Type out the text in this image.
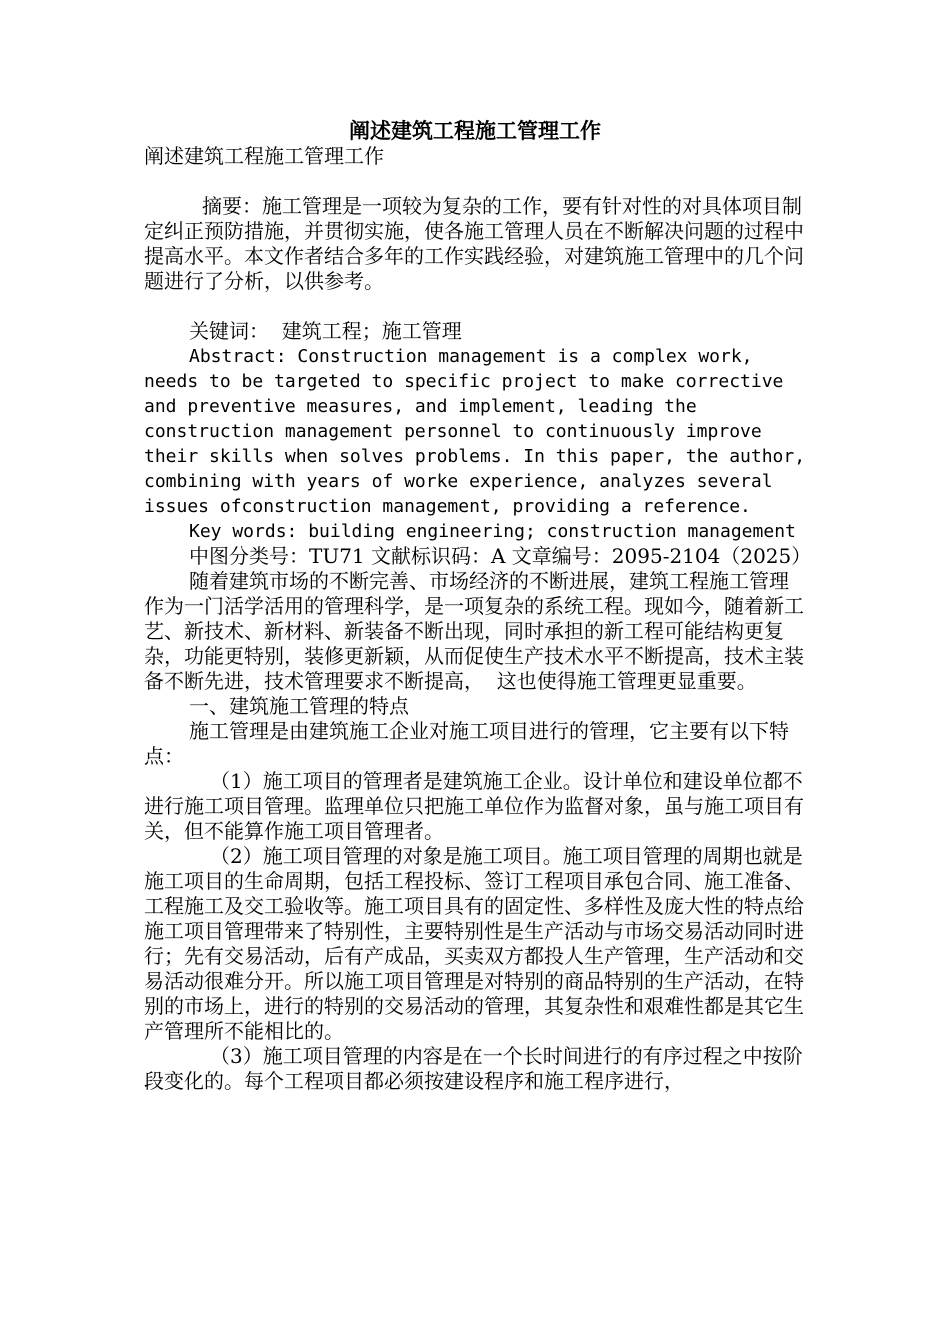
阐述建筑工程施工管理工作

阐述建筑工程施工管理工作

摘要：施工管理是一项较为复杂的工作，要有针对性的对具体项目制定纠正预防措施，并贯彻实施，使各施工管理人员在不断解决问题的过程中提高水平。本文作者结合多年的工作实践经验，对建筑施工管理中的几个问题进行了分析，以供参考。

关键词：  建筑工程；施工管理

Abstract: Construction management is a complex work, needs to be targeted to specific project to make corrective and preventive measures, and implement, leading the construction management personnel to continuously improve their skills when solves problems. In this paper, the author, combining with years of worke experience, analyzes several issues ofconstruction management, providing a reference.

Key words: building engineering; construction management

中图分类号：TU71 文献标识码：A 文章编号：2095-2104（2025）

随着建筑市场的不断完善、市场经济的不断进展，建筑工程施工管理作为一门活学活用的管理科学，是一项复杂的系统工程。现如今，随着新工艺、新技术、新材料、新装备不断出现，同时承担的新工程可能结构更复杂，功能更特别，装修更新颖，从而促使生产技术水平不断提高，技术主装备不断先进，技术管理要求不断提高，  这也使得施工管理更显重要。

一、建筑施工管理的特点

施工管理是由建筑施工企业对施工项目进行的管理，它主要有以下特点：

（1）施工项目的管理者是建筑施工企业。设计单位和建设单位都不进行施工项目管理。监理单位只把施工单位作为监督对象，虽与施工项目有关，但不能算作施工项目管理者。

（2）施工项目管理的对象是施工项目。施工项目管理的周期也就是施工项目的生命周期，包括工程投标、签订工程项目承包合同、施工准备、工程施工及交工验收等。施工项目具有的固定性、多样性及庞大性的特点给施工项目管理带来了特别性，主要特别性是生产活动与市场交易活动同时进行；先有交易活动，后有产成品，买卖双方都投人生产管理，生产活动和交易活动很难分开。所以施工项目管理是对特别的商品特别的生产活动，在特别的市场上，进行的特别的交易活动的管理，其复杂性和艰难性都是其它生产管理所不能相比的。

（3）施工项目管理的内容是在一个长时间进行的有序过程之中按阶段变化的。每个工程项目都必须按建设程序和施工程序进行，
